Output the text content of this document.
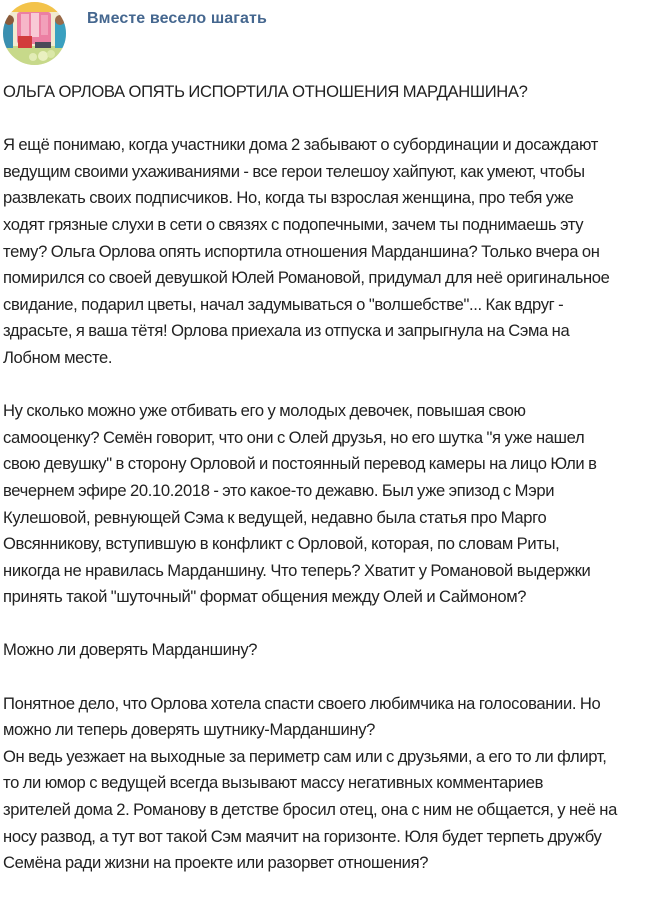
Вместе весело шагать

ОЛЬГА ОРЛОВА ОПЯТЬ ИСПОРТИЛА ОТНОШЕНИЯ МАРДАНШИНА?

Я ещё понимаю, когда участники дома 2 забывают о субординации и досаждают
ведущим своими ухаживаниями - все герои телешоу хайпуют, как умеют, чтобы
развлекать своих подписчиков. Но, когда ты взрослая женщина, про тебя уже
ходят грязные слухи в сети о связях с подопечными, зачем ты поднимаешь эту
тему? Ольга Орлова опять испортила отношения Марданшина? Только вчера он
помирился со своей девушкой Юлей Романовой, придумал для неё оригинальное
свидание, подарил цветы, начал задумываться о "волшебстве"... Как вдруг -
здрасьте, я ваша тётя! Орлова приехала из отпуска и запрыгнула на Сэма на
Лобном месте.

Ну сколько можно уже отбивать его у молодых девочек, повышая свою
самооценку? Семён говорит, что они с Олей друзья, но его шутка "я уже нашел
свою девушку" в сторону Орловой и постоянный перевод камеры на лицо Юли в
вечернем эфире 20.10.2018 - это какое-то дежавю. Был уже эпизод с Мэри
Кулешовой, ревнующей Сэма к ведущей, недавно была статья про Марго
Овсянникову, вступившую в конфликт с Орловой, которая, по словам Риты,
никогда не нравилась Марданшину. Что теперь? Хватит у Романовой выдержки
принять такой "шуточный" формат общения между Олей и Саймоном?

Можно ли доверять Марданшину?

Понятное дело, что Орлова хотела спасти своего любимчика на голосовании. Но
можно ли теперь доверять шутнику-Марданшину?

Он ведь уезжает на выходные за периметр сам или с друзьями, а его то ли флирт,
то ли юмор с ведущей всегда вызывают массу негативных комментариев
зрителей дома 2. Романову в детстве бросил отец, она с ним не общается, у неё на
носу развод, а тут вот такой Сэм маячит на горизонте. Юля будет терпеть дружбу
Семёна ради жизни на проекте или разорвет отношения?
